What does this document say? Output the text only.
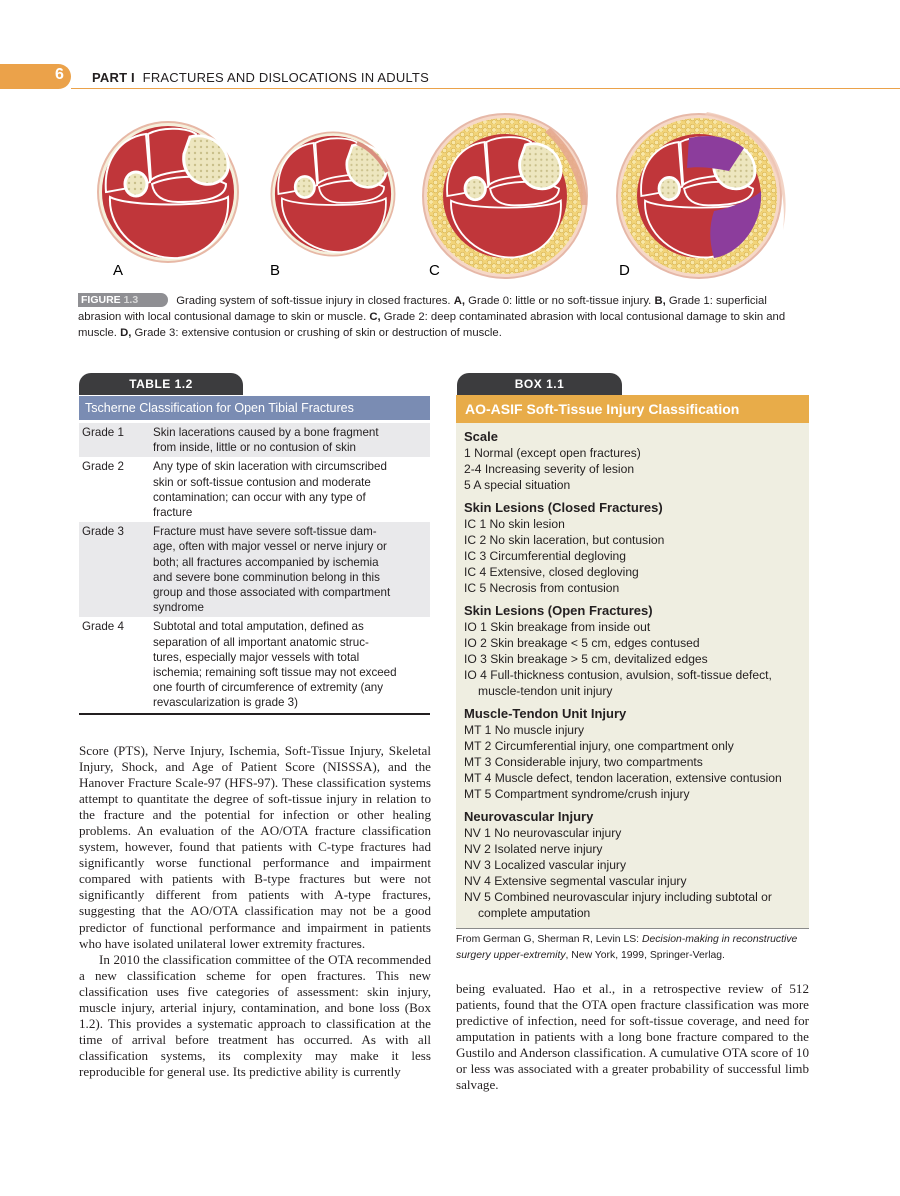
6 PART I FRACTURES AND DISLOCATIONS IN ADULTS
A	B	C	D
FIGURE 1.3	Grading system of soft-tissue injury in closed fractures. A, Grade 0: little or no soft-tissue injury. B, Grade 1: superficial abrasion with local contusional damage to skin or muscle. C, Grade 2: deep contaminated abrasion with local contusional damage to skin and muscle. D, Grade 3: extensive contusion or crushing of skin or destruction of muscle.
TABLE 1.2
Tscherne Classification for Open Tibial Fractures
Grade 1	Skin lacerations caused by a bone fragment
from inside, little or no contusion of skin
Grade 2	Any type of skin laceration with circumscribed
skin or soft-tissue contusion and moderate
contamination; can occur with any type of
fracture
Grade 3	Fracture must have severe soft-tissue dam-
age, often with major vessel or nerve injury or
both; all fractures accompanied by ischemia
and severe bone comminution belong in this
group and those associated with compartment
syndrome
Grade 4	Subtotal and total amputation, defined as
separation of all important anatomic struc-
tures, especially major vessels with total
ischemia; remaining soft tissue may not exceed
one fourth of circumference of extremity (any
revascularization is grade 3)

Score (PTS), Nerve Injury, Ischemia, Soft-Tissue Injury, Skeletal Injury, Shock, and Age of Patient Score (NISSSA), and the Hanover Fracture Scale-97 (HFS-97). These classification systems attempt to quantitate the degree of soft-tissue injury in relation to the fracture and the potential for infection or other healing problems. An evaluation of the AO/OTA fracture classification system, however, found that patients with C-type fractures had significantly worse functional performance and impairment compared with patients with B-type fractures but were not significantly different from patients with A-type fractures, suggesting that the AO/OTA classification may not be a good predictor of functional performance and impairment in patients who have isolated unilateral lower extremity fractures.

In 2010 the classification committee of the OTA recommended a new classification scheme for open fractures. This new classification uses five categories of assessment: skin injury, muscle injury, arterial injury, contamination, and bone loss (Box 1.2). This provides a systematic approach to classification at the time of arrival before treatment has occurred. As with all classification systems, its complexity may make it less reproducible for general use. Its predictive ability is currently

BOX 1.1
AO-ASIF Soft-Tissue Injury Classification
Scale
1 Normal (except open fractures)
2-4 Increasing severity of lesion
5 A special situation
Skin Lesions (Closed Fractures)
IC 1 No skin lesion
IC 2 No skin laceration, but contusion
IC 3 Circumferential degloving
IC 4 Extensive, closed degloving
IC 5 Necrosis from contusion
Skin Lesions (Open Fractures)
IO 1 Skin breakage from inside out
IO 2 Skin breakage < 5 cm, edges contused
IO 3 Skin breakage > 5 cm, devitalized edges
IO 4 Full-thickness contusion, avulsion, soft-tissue defect, muscle-tendon unit injury
Muscle-Tendon Unit Injury
MT 1 No muscle injury
MT 2 Circumferential injury, one compartment only
MT 3 Considerable injury, two compartments
MT 4 Muscle defect, tendon laceration, extensive contusion
MT 5 Compartment syndrome/crush injury
Neurovascular Injury
NV 1 No neurovascular injury
NV 2 Isolated nerve injury
NV 3 Localized vascular injury
NV 4 Extensive segmental vascular injury
NV 5 Combined neurovascular injury including subtotal or complete amputation
From German G, Sherman R, Levin LS: Decision-making in reconstructive surgery upper-extremity, New York, 1999, Springer-Verlag.

being evaluated. Hao et al., in a retrospective review of 512 patients, found that the OTA open fracture classification was more predictive of infection, need for soft-tissue coverage, and need for amputation in patients with a long bone fracture compared to the Gustilo and Anderson classification. A cumulative OTA score of 10 or less was associated with a greater probability of successful limb salvage.
